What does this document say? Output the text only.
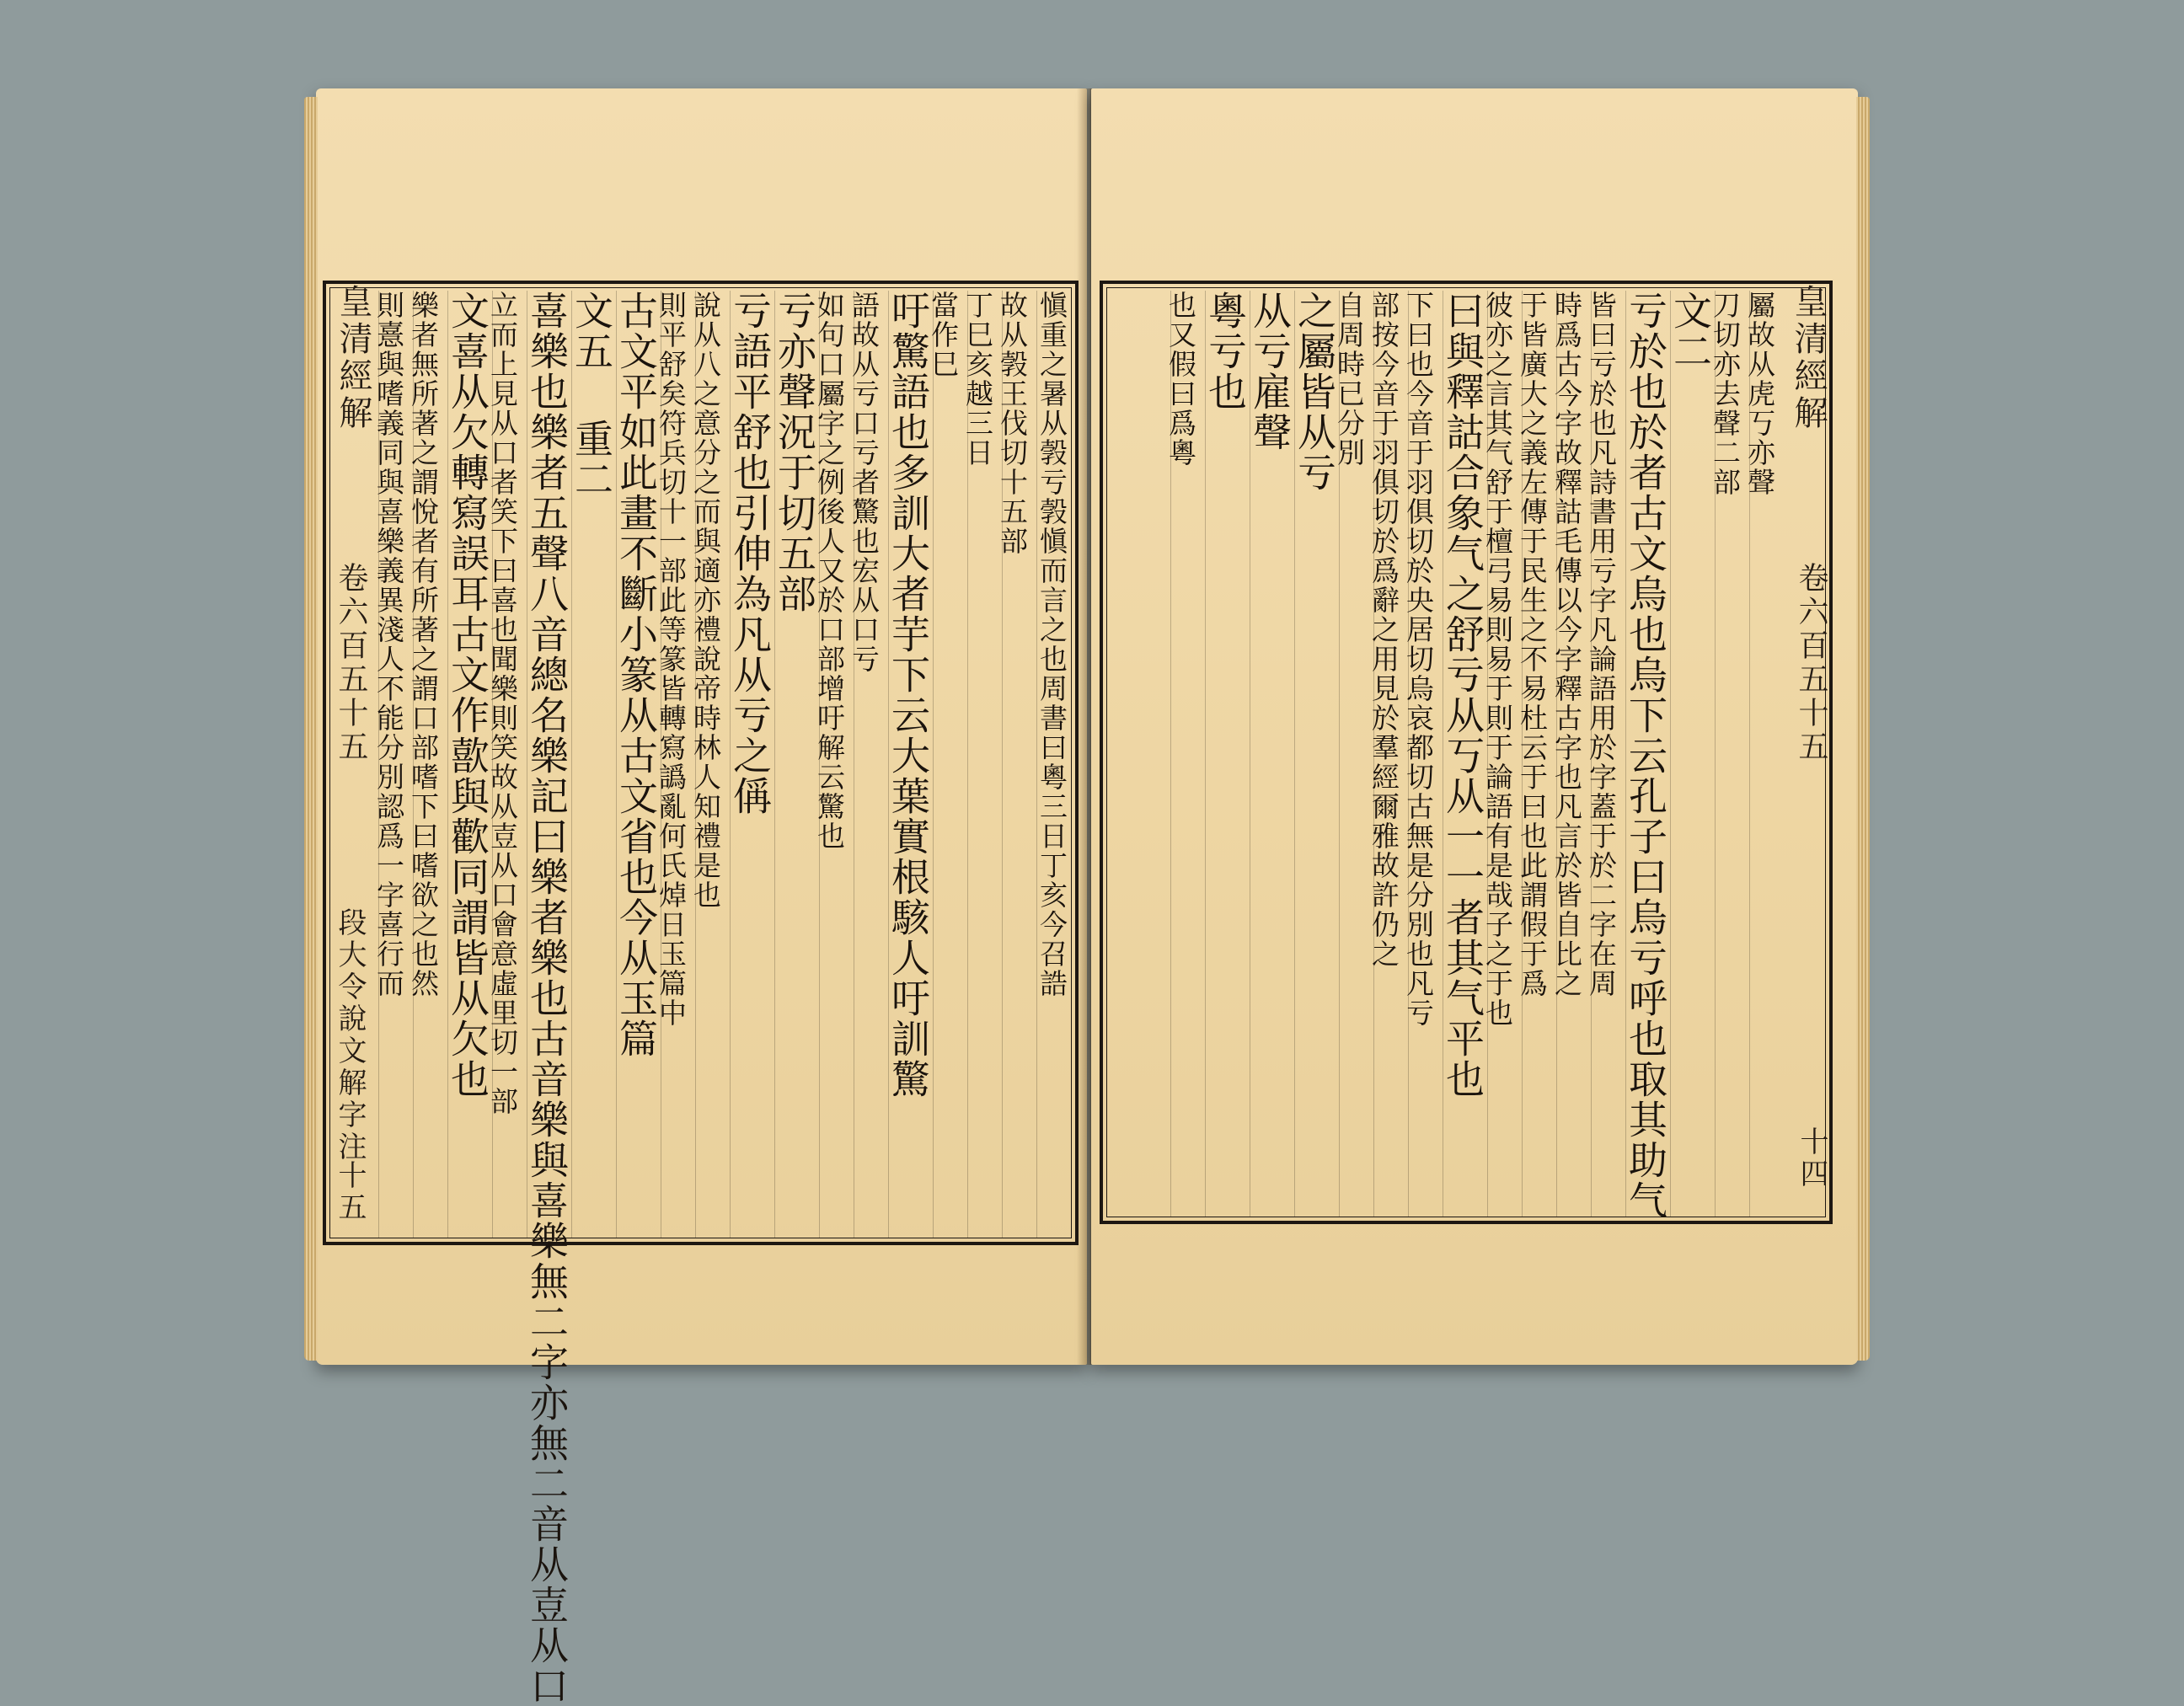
皇清經解
卷六百五十五
段大令說文解字注
十五
愼重之暑从㝅亏㝅愼而言之也周書曰粵三日丁亥今召誥
故从㝅王伐切十五部
丁巳亥越三日
當作巳
吁驚語也多訓大者芋下云大葉實根駭人吁訓驚
語故从亏口亏者驚也宏从口亏
如句口屬字之例後人又於口部增吁解云驚也
亏亦聲況于切五部
亏語平舒也引伸為凡从亏之偁
說从八之意分之而與適亦禮說帝時林人知禮是也
則平舒矣符兵切十一部此等篆皆轉寫譌亂何氏焯日玉篇中
古文平如此畫不斷小篆从古文省也今从玉篇
文五 重二
喜樂也樂者五聲八音總名樂記曰樂者樂也古音樂與喜樂無二字亦無二音从壴从口
立而上見从口者笑下曰喜也聞樂則笑故从壴从口會意虛里切一部
文喜从欠轉寫誤耳古文作歖與歡同謂皆从欠也
樂者無所著之謂悅者有所著之謂口部嗜下曰嗜欲之也然
則憙與嗜義同與喜樂義異淺人不能分別認爲一字喜行而	皇清經解
卷六百五十五
十四
屬故从虎丂亦聲
刀切亦去聲二部
文二
亏於也於者古文烏也烏下云孔子曰烏亏呼也取其助气
皆曰亏於也凡詩書用亏字凡論語用於字蓋于於二字在周
時爲古今字故釋詁毛傳以今字釋古字也凡言於皆自比之
于皆廣大之義左傳于民生之不易杜云于曰也此謂假于爲
彼亦之言其气舒于檀弓易則易于則于論語有是哉子之于也
曰與釋詁合象气之舒亏从丂从一一者其气平也
下曰也今音于羽俱切於央居切烏哀都切古無是分別也凡亏
部按今音于羽俱切於爲辭之用見於羣經爾雅故許仍之
自周時已分別
之屬皆从亏
从亏雇聲
粵亏也
也又假曰爲粵
